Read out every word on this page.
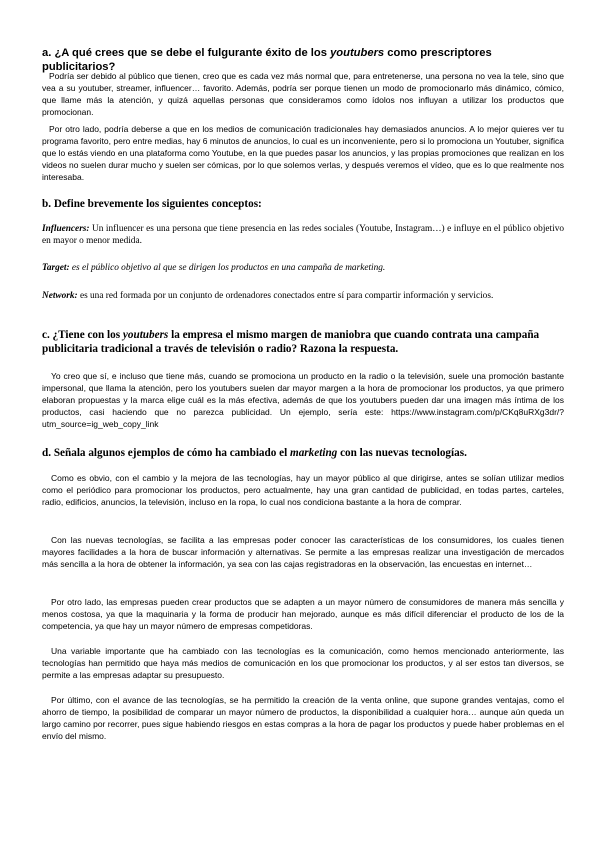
a. ¿A qué crees que se debe el fulgurante éxito de los youtubers como prescriptores publicitarios?

Podría ser debido al público que tienen, creo que es cada vez más normal que, para entretenerse, una persona no vea la tele, sino que vea a su youtuber, streamer, influencer… favorito. Además, podría ser porque tienen un modo de promocionarlo más dinámico, cómico, que llame más la atención, y quizá aquellas personas que consideramos como ídolos nos influyan a utilizar los productos que promocionan.

Por otro lado, podría deberse a que en los medios de comunicación tradicionales hay demasiados anuncios. A lo mejor quieres ver tu programa favorito, pero entre medias, hay 6 minutos de anuncios, lo cual es un inconveniente, pero si lo promociona un Youtuber, significa que lo estás viendo en una plataforma como Youtube, en la que puedes pasar los anuncios, y las propias promociones que realizan en los videos no suelen durar mucho y suelen ser cómicas, por lo que solemos verlas, y después veremos el vídeo, que es lo que realmente nos interesaba.

b. Define brevemente los siguientes conceptos:

Influencers: Un influencer es una persona que tiene presencia en las redes sociales (Youtube, Instagram…) e influye en el público objetivo en mayor o menor medida.

Target: es el público objetivo al que se dirigen los productos en una campaña de marketing.

Network: es una red formada por un conjunto de ordenadores conectados entre sí para compartir información y servicios.

c. ¿Tiene con los youtubers la empresa el mismo margen de maniobra que cuando contrata una campaña publicitaria tradicional a través de televisión o radio? Razona la respuesta.

Yo creo que sí, e incluso que tiene más, cuando se promociona un producto en la radio o la televisión, suele una promoción bastante impersonal, que llama la atención, pero los youtubers suelen dar mayor margen a la hora de promocionar los productos, ya que primero elaboran propuestas y la marca elige cuál es la más efectiva, además de que los youtubers pueden dar una imagen más íntima de los productos, casi haciendo que no parezca publicidad. Un ejemplo, sería este: https://www.instagram.com/p/CKq8uRXg3dr/?utm_source=ig_web_copy_link

d. Señala algunos ejemplos de cómo ha cambiado el marketing con las nuevas tecnologías.

Como es obvio, con el cambio y la mejora de las tecnologías, hay un mayor público al que dirigirse, antes se solían utilizar medios como el periódico para promocionar los productos, pero actualmente, hay una gran cantidad de publicidad, en todas partes, carteles, radio, edificios, anuncios, la televisión, incluso en la ropa, lo cual nos condiciona bastante a la hora de comprar.

Con las nuevas tecnologías, se facilita a las empresas poder conocer las características de los consumidores, los cuales tienen mayores facilidades a la hora de buscar información y alternativas. Se permite a las empresas realizar una investigación de mercados más sencilla a la hora de obtener la información, ya sea con las cajas registradoras en la observación, las encuestas en internet…

Por otro lado, las empresas pueden crear productos que se adapten a un mayor número de consumidores de manera más sencilla y menos costosa, ya que la maquinaria y la forma de producir han mejorado, aunque es más difícil diferenciar el producto de los de la competencia, ya que hay un mayor número de empresas competidoras.

Una variable importante que ha cambiado con las tecnologías es la comunicación, como hemos mencionado anteriormente, las tecnologías han permitido que haya más medios de comunicación en los que promocionar los productos, y al ser estos tan diversos, se permite a las empresas adaptar su presupuesto.

Por último, con el avance de las tecnologías, se ha permitido la creación de la venta online, que supone grandes ventajas, como el ahorro de tiempo, la posibilidad de comparar un mayor número de productos, la disponibilidad a cualquier hora… aunque aún queda un largo camino por recorrer, pues sigue habiendo riesgos en estas compras a la hora de pagar los productos y puede haber problemas en el envío del mismo.
